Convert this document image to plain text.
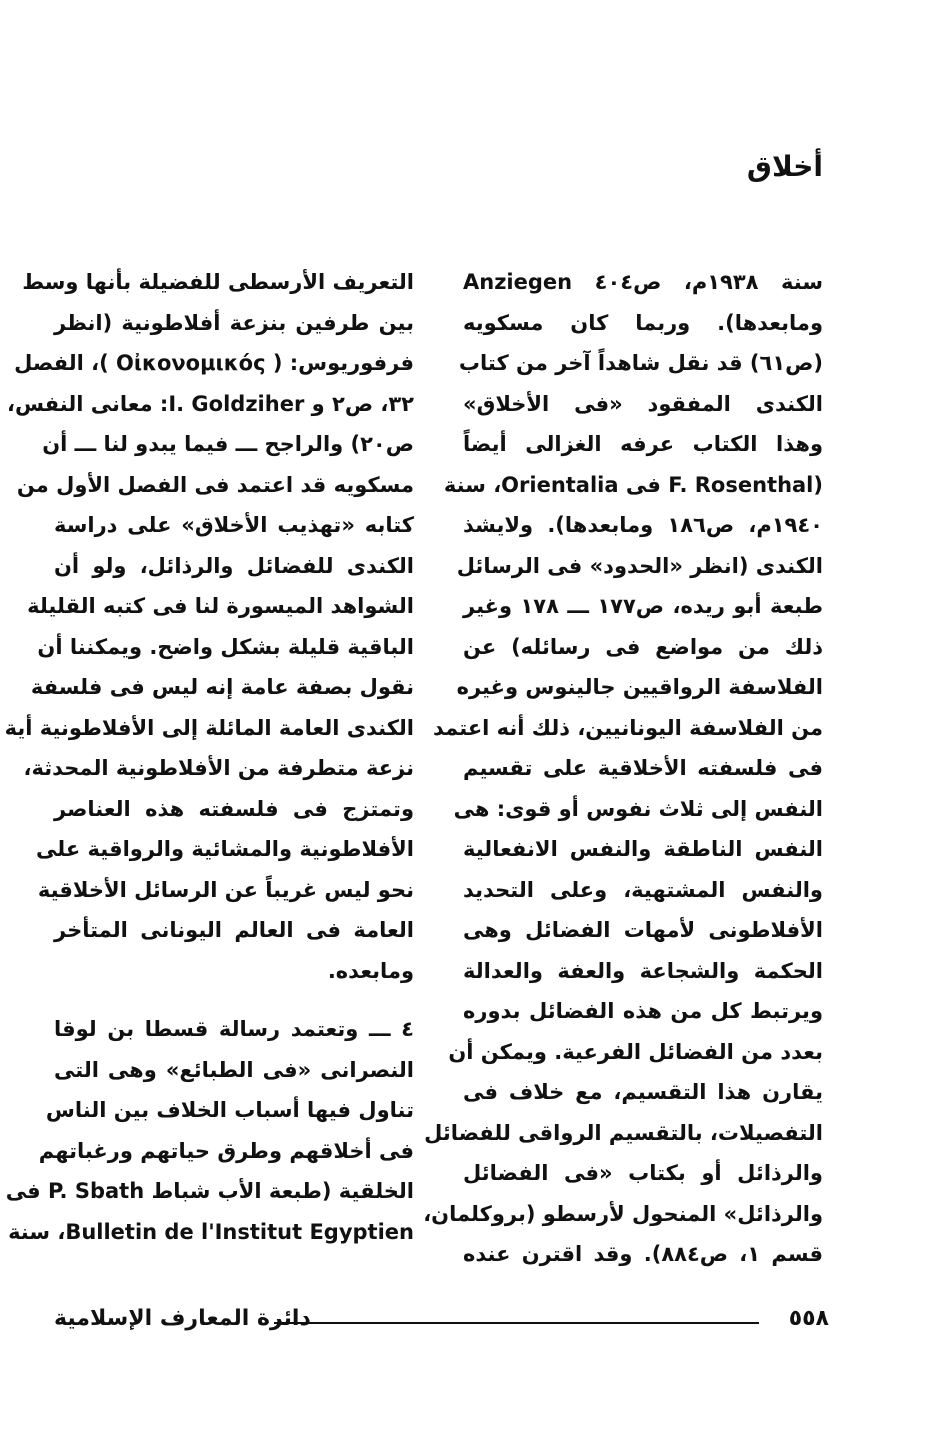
أخلاق
سنة ١٩٣٨م، ص٤٠٤ Anziegen
ومابعدها). وربما كان مسكويه
(ص٦١) قد نقل شاهداً آخر من كتاب
الكندى المفقود «فى الأخلاق»
وهذا الكتاب عرفه الغزالى أيضاً
(F. Rosenthal فى Orientalia، سنة
١٩٤٠م، ص١٨٦ ومابعدها). ولايشذ
الكندى (انظر «الحدود» فى الرسائل
طبعة أبو ريده، ص١٧٧ ـــ ١٧٨ وغير
ذلك من مواضع فى رسائله) عن
الفلاسفة الرواقيين جالينوس وغيره
من الفلاسفة اليونانيين، ذلك أنه اعتمد
فى فلسفته الأخلاقية على تقسيم
النفس إلى ثلاث نفوس أو قوى: هى
النفس الناطقة والنفس الانفعالية
والنفس المشتهية، وعلى التحديد
الأفلاطونى لأمهات الفضائل وهى
الحكمة والشجاعة والعفة والعدالة
ويرتبط كل من هذه الفضائل بدوره
بعدد من الفضائل الفرعية. ويمكن أن
يقارن هذا التقسيم، مع خلاف فى
التفصيلات، بالتقسيم الرواقى للفضائل
والرذائل أو بكتاب «فى الفضائل
والرذائل» المنحول لأرسطو (بروكلمان،
قسم ١، ص٨٨٤). وقد اقترن عنده
التعريف الأرسطى للفضيلة بأنها وسط
بين طرفين بنزعة أفلاطونية (انظر
فرفوريوس: ( Οἰκονομικός )، الفصل
٣٢، ص٢ و I. Goldziher: معانى النفس،
ص٢٠) والراجح ـــ فيما يبدو لنا ـــ أن
مسكويه قد اعتمد فى الفصل الأول من
كتابه «تهذيب الأخلاق» على دراسة
الكندى للفضائل والرذائل، ولو أن
الشواهد الميسورة لنا فى كتبه القليلة
الباقية قليلة بشكل واضح. ويمكننا أن
نقول بصفة عامة إنه ليس فى فلسفة
الكندى العامة المائلة إلى الأفلاطونية أية
نزعة متطرفة من الأفلاطونية المحدثة،
وتمتزج فى فلسفته هذه العناصر
الأفلاطونية والمشائية والرواقية على
نحو ليس غريباً عن الرسائل الأخلاقية
العامة فى العالم اليونانى المتأخر
ومابعده.
٤ ـــ وتعتمد رسالة قسطا بن لوقا
النصرانى «فى الطبائع» وهى التى
تناول فيها أسباب الخلاف بين الناس
فى أخلاقهم وطرق حياتهم ورغباتهم
الخلقية (طبعة الأب شباط P. Sbath فى
Bulletin de l'Institut Egyptien، سنة
٥٥٨
دائرة المعارف الإسلامية
